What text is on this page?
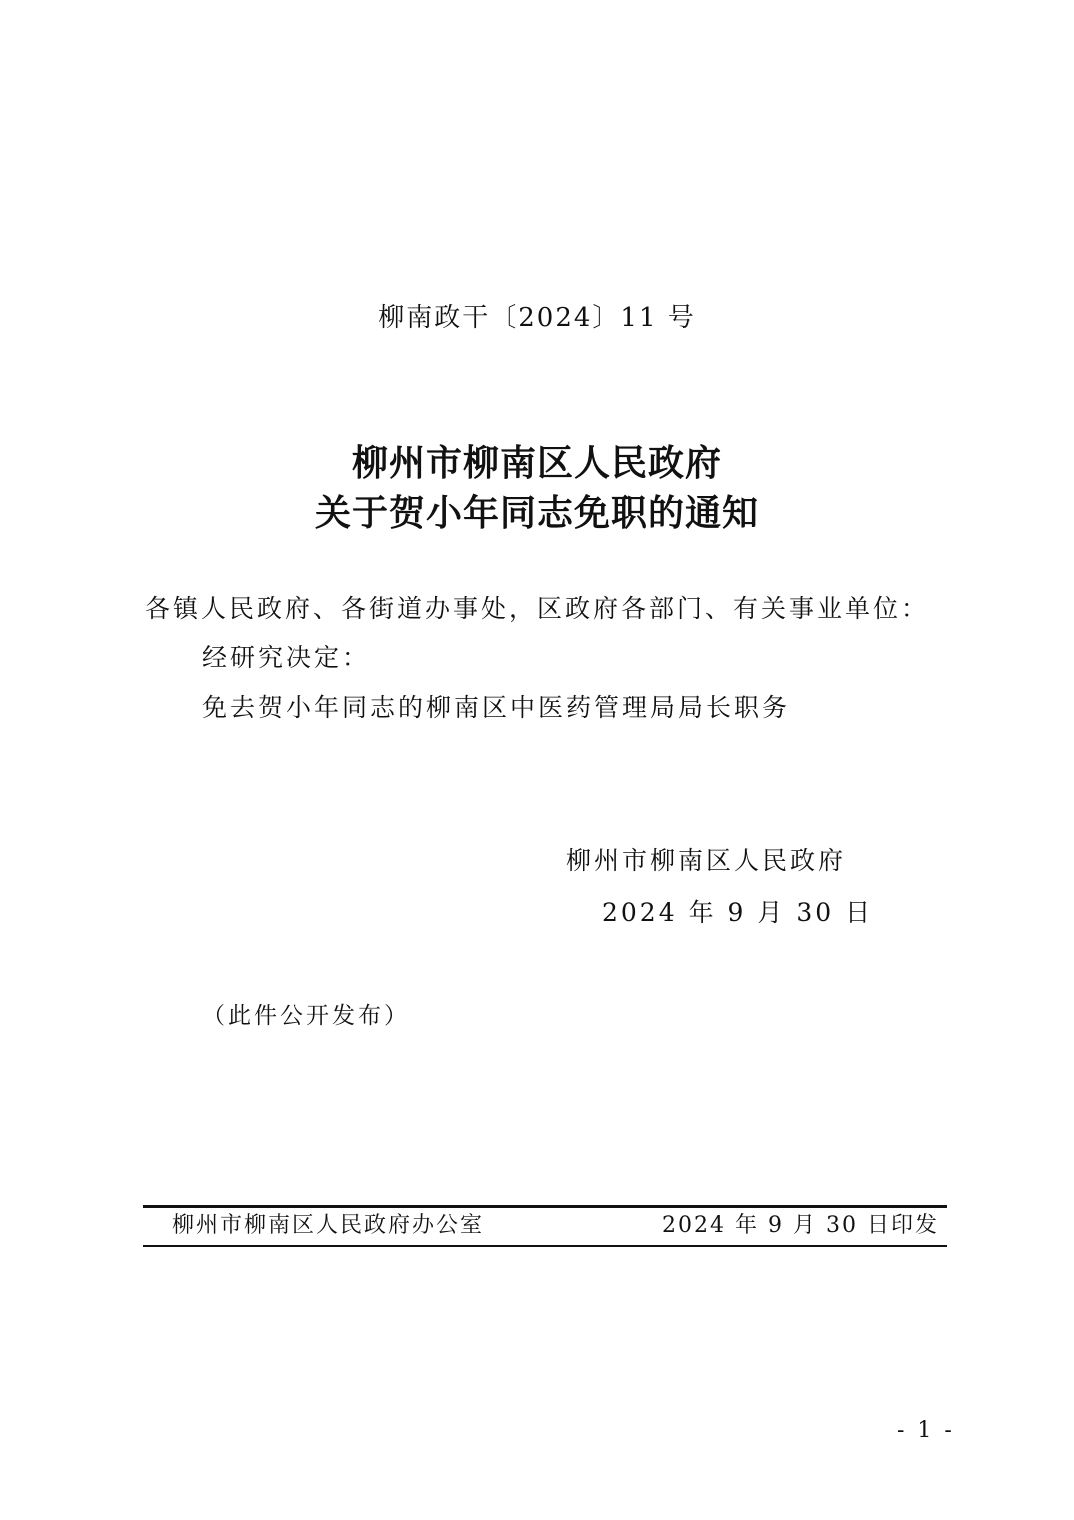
柳南政干〔2024〕11 号
柳州市柳南区人民政府
关于贺小年同志免职的通知
各镇人民政府、各街道办事处，区政府各部门、有关事业单位：
经研究决定：
免去贺小年同志的柳南区中医药管理局局长职务
柳州市柳南区人民政府
2024 年 9 月 30 日
（此件公开发布）
柳州市柳南区人民政府办公室	2024 年 9 月 30 日印发
- 1 -
